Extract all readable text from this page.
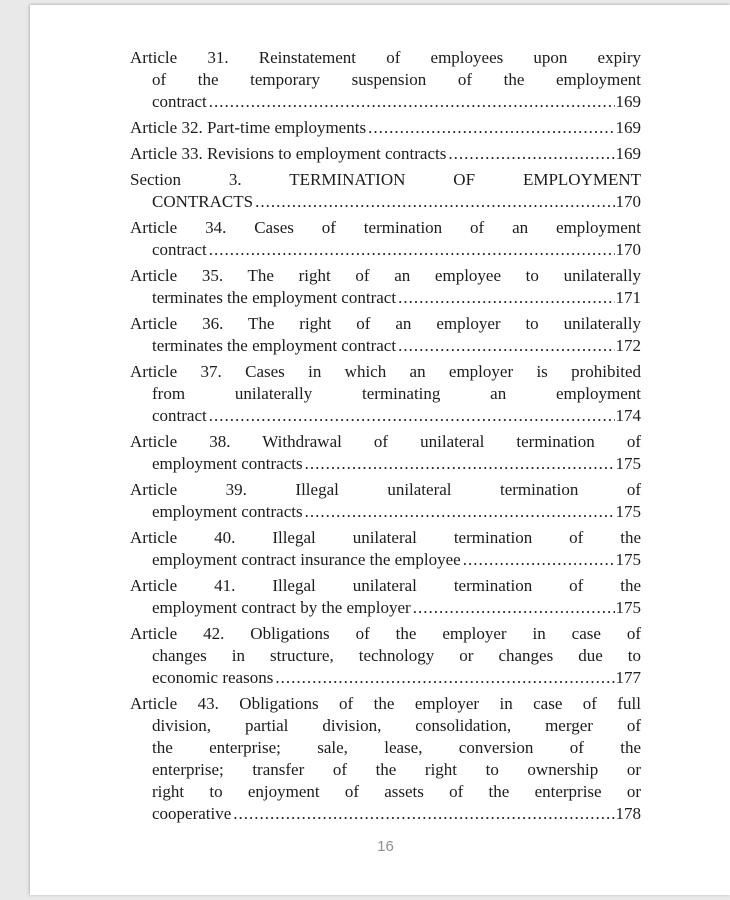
Article 31. Reinstatement of employees upon expiry
of the temporary suspension of the employment
contract .....	169
Article 32. Part-time employments .....	169
Article 33. Revisions to employment contracts .....	169
Section 3. TERMINATION OF EMPLOYMENT
CONTRACTS .....	170
Article 34. Cases of termination of an employment
contract .....	170
Article 35. The right of an employee to unilaterally
terminates the employment contract .....	171
Article 36. The right of an employer to unilaterally
terminates the employment contract .....	172
Article 37. Cases in which an employer is prohibited
from unilaterally terminating an employment
contract .....	174
Article 38. Withdrawal of unilateral termination of
employment contracts .....	175
Article 39. Illegal unilateral termination of
employment contracts .....	175
Article 40. Illegal unilateral termination of the
employment contract insurance the employee .....	175
Article 41. Illegal unilateral termination of the
employment contract by the employer .....	175
Article 42. Obligations of the employer in case of
changes in structure, technology or changes due to
economic reasons .....	177
Article 43. Obligations of the employer in case of full
division, partial division, consolidation, merger of
the enterprise; sale, lease, conversion of the
enterprise; transfer of the right to ownership or
right to enjoyment of assets of the enterprise or
cooperative .....	178
16
